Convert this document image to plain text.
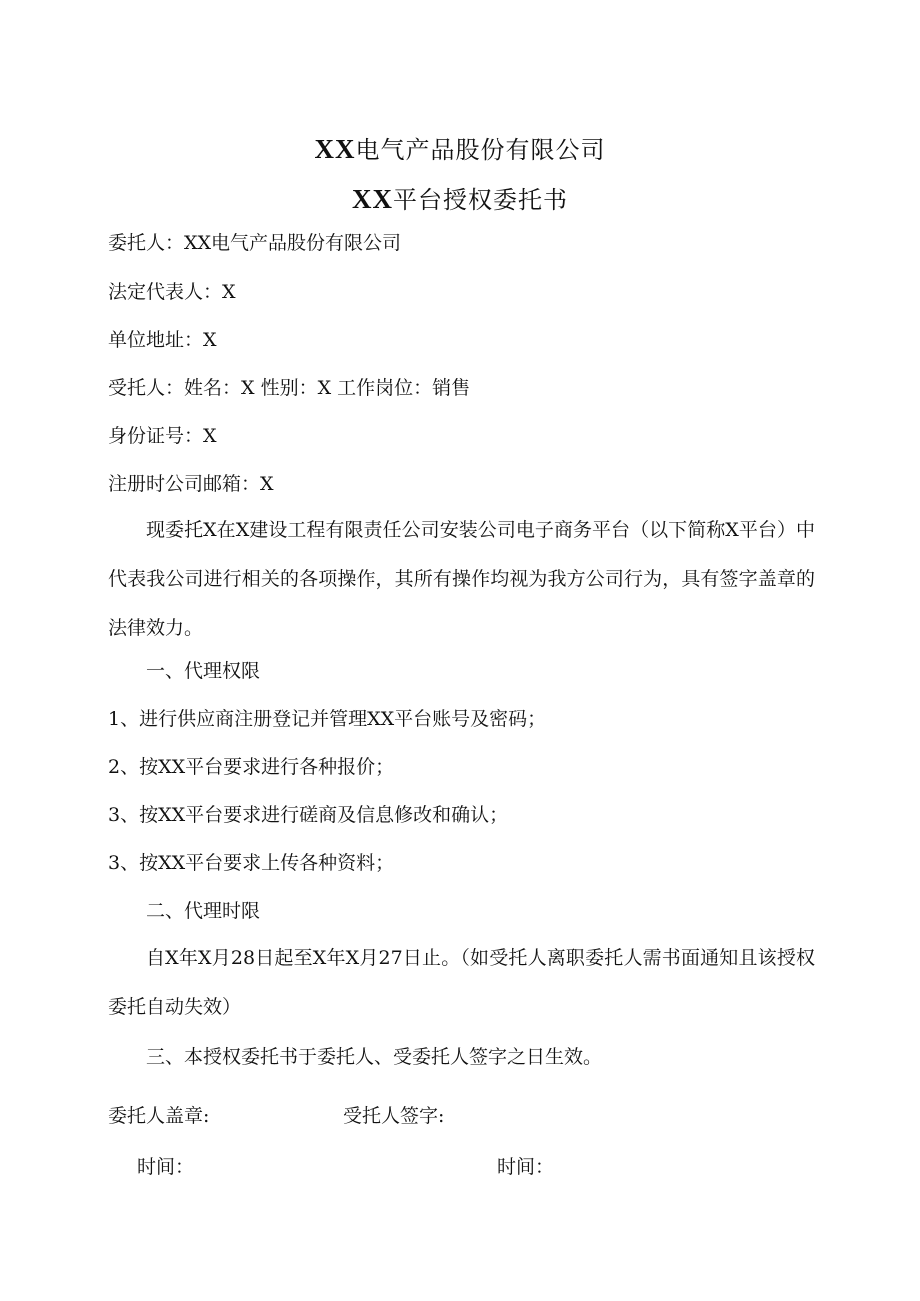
XX电气产品股份有限公司
XX平台授权委托书
委托人：XX电气产品股份有限公司
法定代表人：X
单位地址：X
受托人：姓名：X 性别：X 工作岗位：销售
身份证号：X
注册时公司邮箱：X
现委托X在X建设工程有限责任公司安装公司电子商务平台（以下简称X平台）中代表我公司进行相关的各项操作，其所有操作均视为我方公司行为，具有签字盖章的法律效力。
一、代理权限
1、进行供应商注册登记并管理XX平台账号及密码；
2、按XX平台要求进行各种报价；
3、按XX平台要求进行磋商及信息修改和确认；
3、按XX平台要求上传各种资料；
二、代理时限
自X年X月28日起至X年X月27日止。（如受托人离职委托人需书面通知且该授权委托自动失效）
三、本授权委托书于委托人、受委托人签字之日生效。
委托人盖章:	受托人签字:
时间：	时间：
